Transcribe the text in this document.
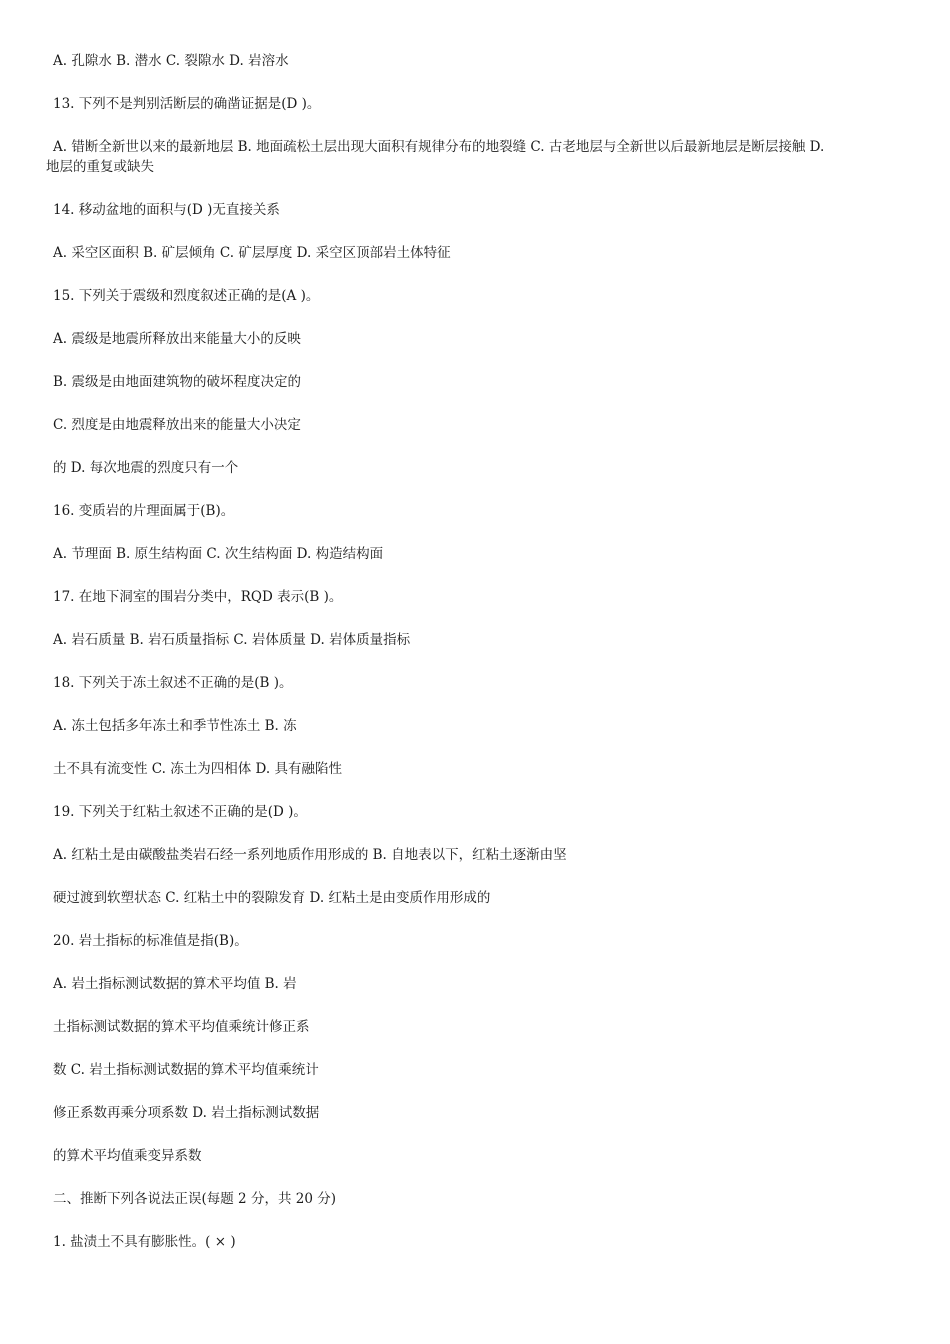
A. 孔隙水 B. 潜水 C. 裂隙水 D. 岩溶水

13. 下列不是判别活断层的确凿证据是(D )。

A. 错断全新世以来的最新地层 B. 地面疏松土层出现大面积有规律分布的地裂缝 C. 古老地层与全新世以后最新地层是断层接触 D.

地层的重复或缺失

14. 移动盆地的面积与(D )无直接关系

A. 采空区面积 B. 矿层倾角 C. 矿层厚度 D. 采空区顶部岩土体特征

15. 下列关于震级和烈度叙述正确的是(A )。

A. 震级是地震所释放出来能量大小的反映

B. 震级是由地面建筑物的破坏程度决定的

C. 烈度是由地震释放出来的能量大小决定

的 D. 每次地震的烈度只有一个

16. 变质岩的片理面属于(B)。

A. 节理面 B. 原生结构面 C. 次生结构面 D. 构造结构面

17. 在地下洞室的围岩分类中，RQD 表示(B )。

A. 岩石质量 B. 岩石质量指标 C. 岩体质量 D. 岩体质量指标

18. 下列关于冻土叙述不正确的是(B )。

A. 冻土包括多年冻土和季节性冻土 B. 冻

土不具有流变性 C. 冻土为四相体 D. 具有融陷性

19. 下列关于红粘土叙述不正确的是(D )。

A. 红粘土是由碳酸盐类岩石经一系列地质作用形成的 B. 自地表以下，红粘土逐渐由坚

硬过渡到软塑状态 C. 红粘土中的裂隙发育 D. 红粘土是由变质作用形成的

20. 岩土指标的标准值是指(B)。

A. 岩土指标测试数据的算术平均值 B. 岩

土指标测试数据的算术平均值乘统计修正系

数 C. 岩土指标测试数据的算术平均值乘统计

修正系数再乘分项系数 D. 岩土指标测试数据

的算术平均值乘变异系数

二、推断下列各说法正误(每题 2 分，共 20 分)

1. 盐渍土不具有膨胀性。( × )
